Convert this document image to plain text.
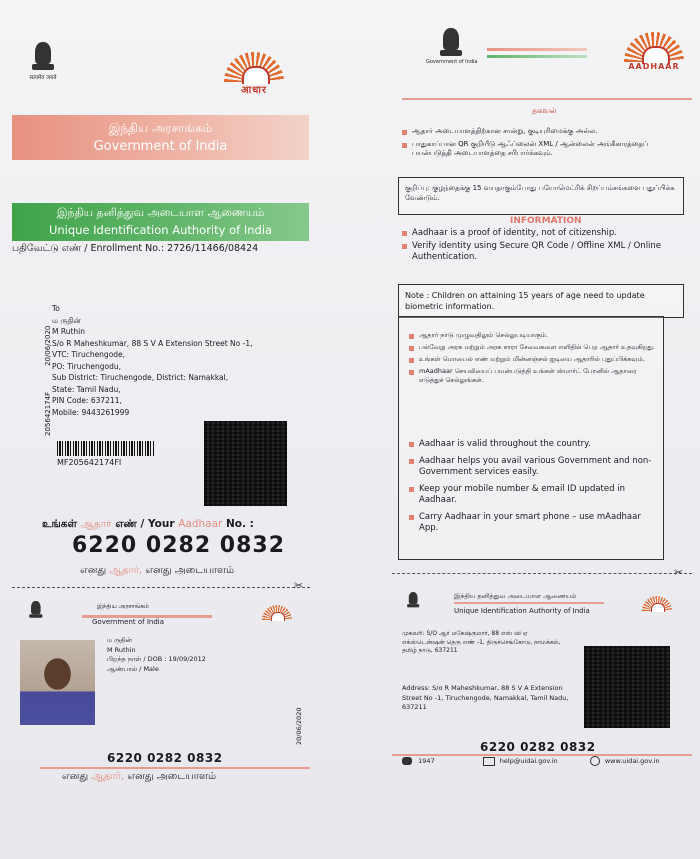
सत्यमेव जयते
आधार
இந்திய அரசாங்கம்
Government of India
இந்திய தனித்துவ அடையாள ஆணையம்
Unique Identification Authority of India
பதிவேட்டு எண் / Enrollment No.: 2726/11466/08424
20/06/2020
205642174F
To
ம ருதின்
M Ruthin
S/o R Maheshkumar, 88 S V A Extension Street No -1,
VTC: Tiruchengode,
PO: Tiruchengodu,
Sub District: Tiruchengode, District: Namakkal,
State: Tamil Nadu,
PIN Code: 637211,
Mobile: 9443261999
MF205642174FI
உங்கள் ஆதார் எண் / Your Aadhaar No. :
6220 0282 0832
எனது ஆதார், எனது அடையாளம்
✂
இந்திய அரசாங்கம்
Government of India
ம ருதின்
M Ruthin
பிறந்த நாள் / DOB : 19/09/2012
ஆண்பால் / Male
20/06/2020
6220 0282 0832
எனது ஆதார், எனது அடையாளம்
Government of India	AADHAAR
தகவல்
ஆதார் அடையாளத்திற்கான சான்று, குடியுரிமைக்கு அல்ல.
பாதுகாப்பான QR குறியீடு ஆஃப்லைன் XML / ஆன்லைன் அங்கீகாரத்தைப் பயன்படுத்தி அடையாளத்தை சரிபார்க்கவும்.
குறிப்பு: குழந்தைக்கு 15 வயதாகும்போது பயோமெட்ரிக் சிறப்பம்சங்களை புதுப்பிக்க வேண்டும்.
INFORMATION
Aadhaar is a proof of identity, not of citizenship.
Verify identity using Secure QR Code / Offline XML / Online Authentication.
Note : Children on attaining 15 years of age need to update biometric information.
ஆதார் நாடு முழுவதிலும் செல்லுபடியாகும்.
பல்வேறு அரசு மற்றும் அரசு சாரா சேவைகளை எளிதில் பெற ஆதார் உதவுகிறது.
உங்கள் மொபைல் எண் மற்றும் மின்னஞ்சல் ஐடியை ஆதாரில் புதுப்பிக்கவும்.
mAadhaar செயலியைப் பயன்படுத்தி உங்கள் ஸ்மார்ட் போனில் ஆதாரை எடுத்துச் செல்லுங்கள்.
Aadhaar is valid throughout the country.
Aadhaar helps you avail various Government and non-Government services easily.
Keep your mobile number & email ID updated in Aadhaar.
Carry Aadhaar in your smart phone – use mAadhaar App.
✂
இந்திய தனித்துவ அடையாள ஆணையம்
Unique Identification Authority of India
முகவரி: S/O ஆர் மகேஷ்குமார், 88 எஸ் வி ஏ எக்ஸ்டென்ஷன் தெரு எண் -1, திருச்செங்கோடு, நாமக்கல், தமிழ் நாடு, 637211
Address: S/o R Maheshkumar, 88 S V A Extension Street No -1, Tiruchengode, Namakkal, Tamil Nadu, 637211
6220 0282 0832
1947	help@uidai.gov.in	www.uidai.gov.in
